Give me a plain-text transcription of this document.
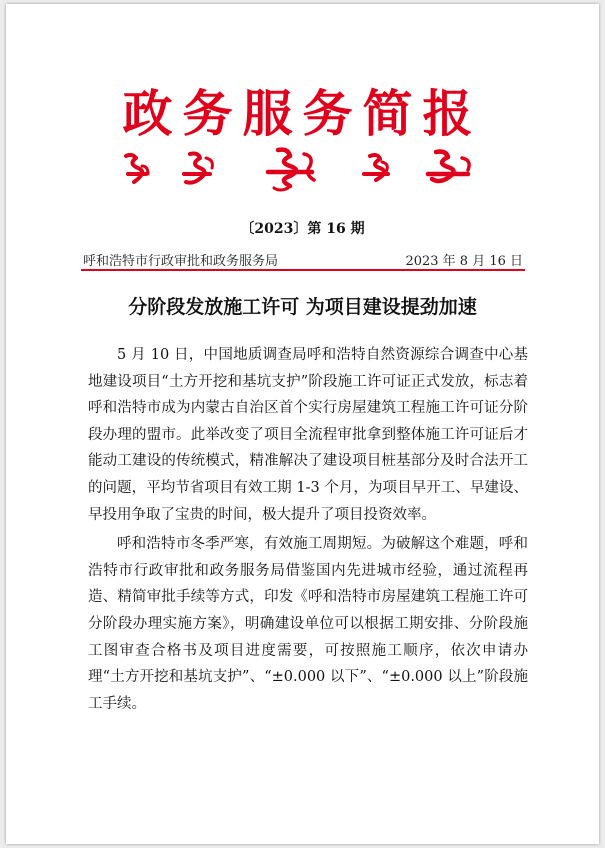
政务服务简报
〔2023〕第 16 期
呼和浩特市行政审批和政务服务局	2023 年 8 月 16 日
分阶段发放施工许可 为项目建设提劲加速

5 月 10 日，中国地质调查局呼和浩特自然资源综合调查中心基地建设项目“土方开挖和基坑支护”阶段施工许可证正式发放，标志着呼和浩特市成为内蒙古自治区首个实行房屋建筑工程施工许可证分阶段办理的盟市。此举改变了项目全流程审批拿到整体施工许可证后才能动工建设的传统模式，精准解决了建设项目桩基部分及时合法开工的问题，平均节省项目有效工期 1-3 个月，为项目早开工、早建设、早投用争取了宝贵的时间，极大提升了项目投资效率。

呼和浩特市冬季严寒，有效施工周期短。为破解这个难题，呼和浩特市行政审批和政务服务局借鉴国内先进城市经验，通过流程再造、精简审批手续等方式，印发《呼和浩特市房屋建筑工程施工许可分阶段办理实施方案》，明确建设单位可以根据工期安排、分阶段施工图审查合格书及项目进度需要，可按照施工顺序，依次申请办理“土方开挖和基坑支护”、“±0.000 以下”、“±0.000 以上”阶段施工手续。
